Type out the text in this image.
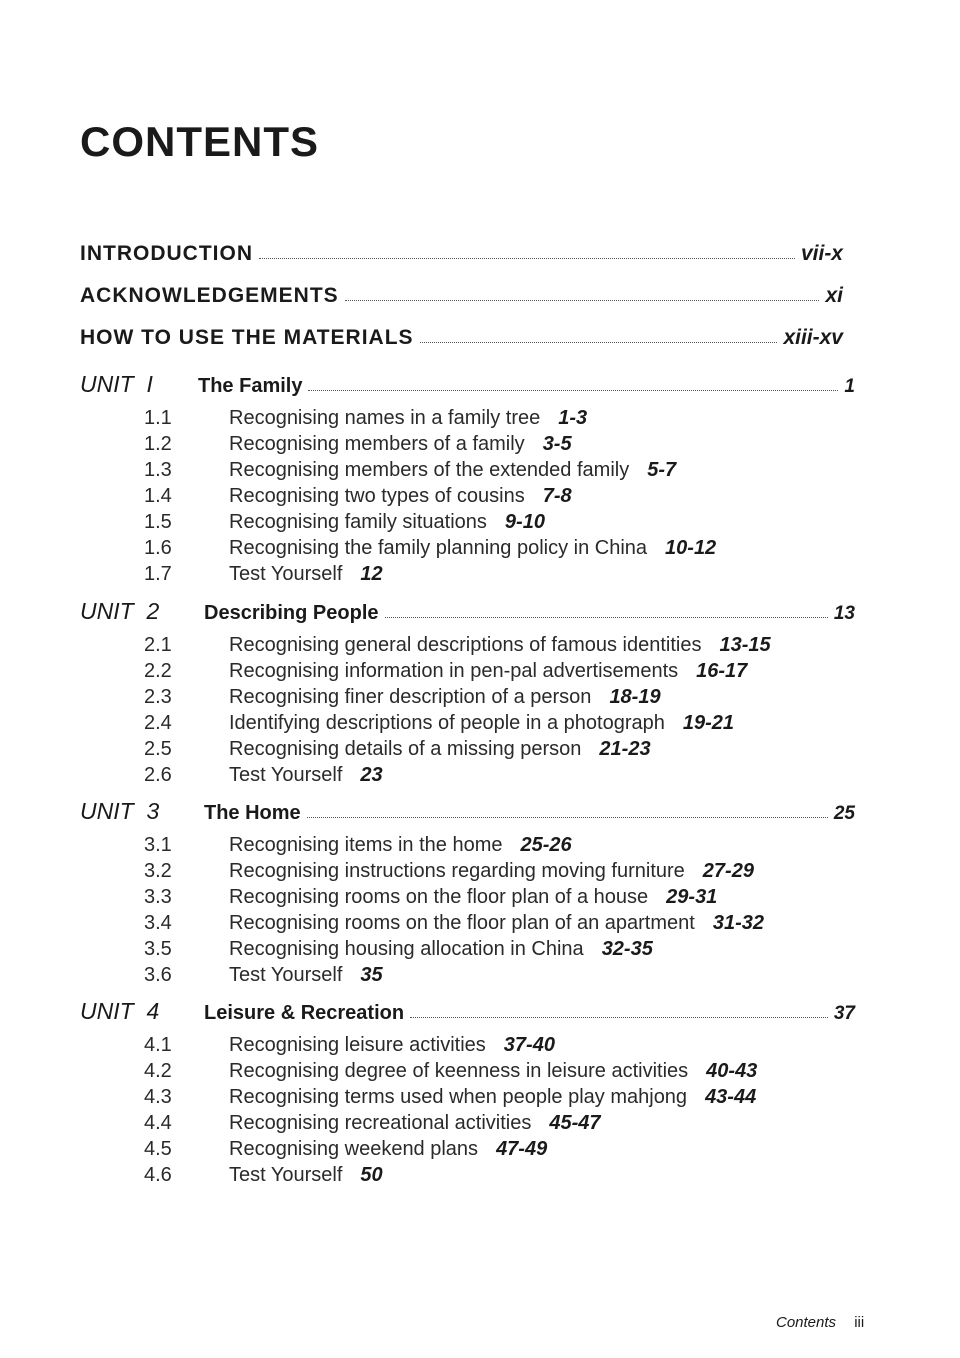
CONTENTS
INTRODUCTION	vii-x
ACKNOWLEDGEMENTS	xi
HOW TO USE THE MATERIALS	xiii-xv
UNIT  I	The Family	1
1.1	Recognising names in a family tree 1-3
1.2	Recognising members of a family 3-5
1.3	Recognising members of the extended family 5-7
1.4	Recognising two types of cousins 7-8
1.5	Recognising family situations 9-10
1.6	Recognising the family planning policy in China 10-12
1.7	Test Yourself 12
UNIT  2	Describing People	13
2.1	Recognising general descriptions of famous identities 13-15
2.2	Recognising information in pen-pal advertisements 16-17
2.3	Recognising finer description of a person 18-19
2.4	Identifying descriptions of people in a photograph 19-21
2.5	Recognising details of a missing person 21-23
2.6	Test Yourself 23
UNIT  3	The Home	25
3.1	Recognising items in the home 25-26
3.2	Recognising instructions regarding moving furniture 27-29
3.3	Recognising rooms on the floor plan of a house 29-31
3.4	Recognising rooms on the floor plan of an apartment 31-32
3.5	Recognising housing allocation in China 32-35
3.6	Test Yourself 35
UNIT  4	Leisure & Recreation	37
4.1	Recognising leisure activities 37-40
4.2	Recognising degree of keenness in leisure activities 40-43
4.3	Recognising terms used when people play mahjong 43-44
4.4	Recognising recreational activities 45-47
4.5	Recognising weekend plans 47-49
4.6	Test Yourself 50
Contents iii
